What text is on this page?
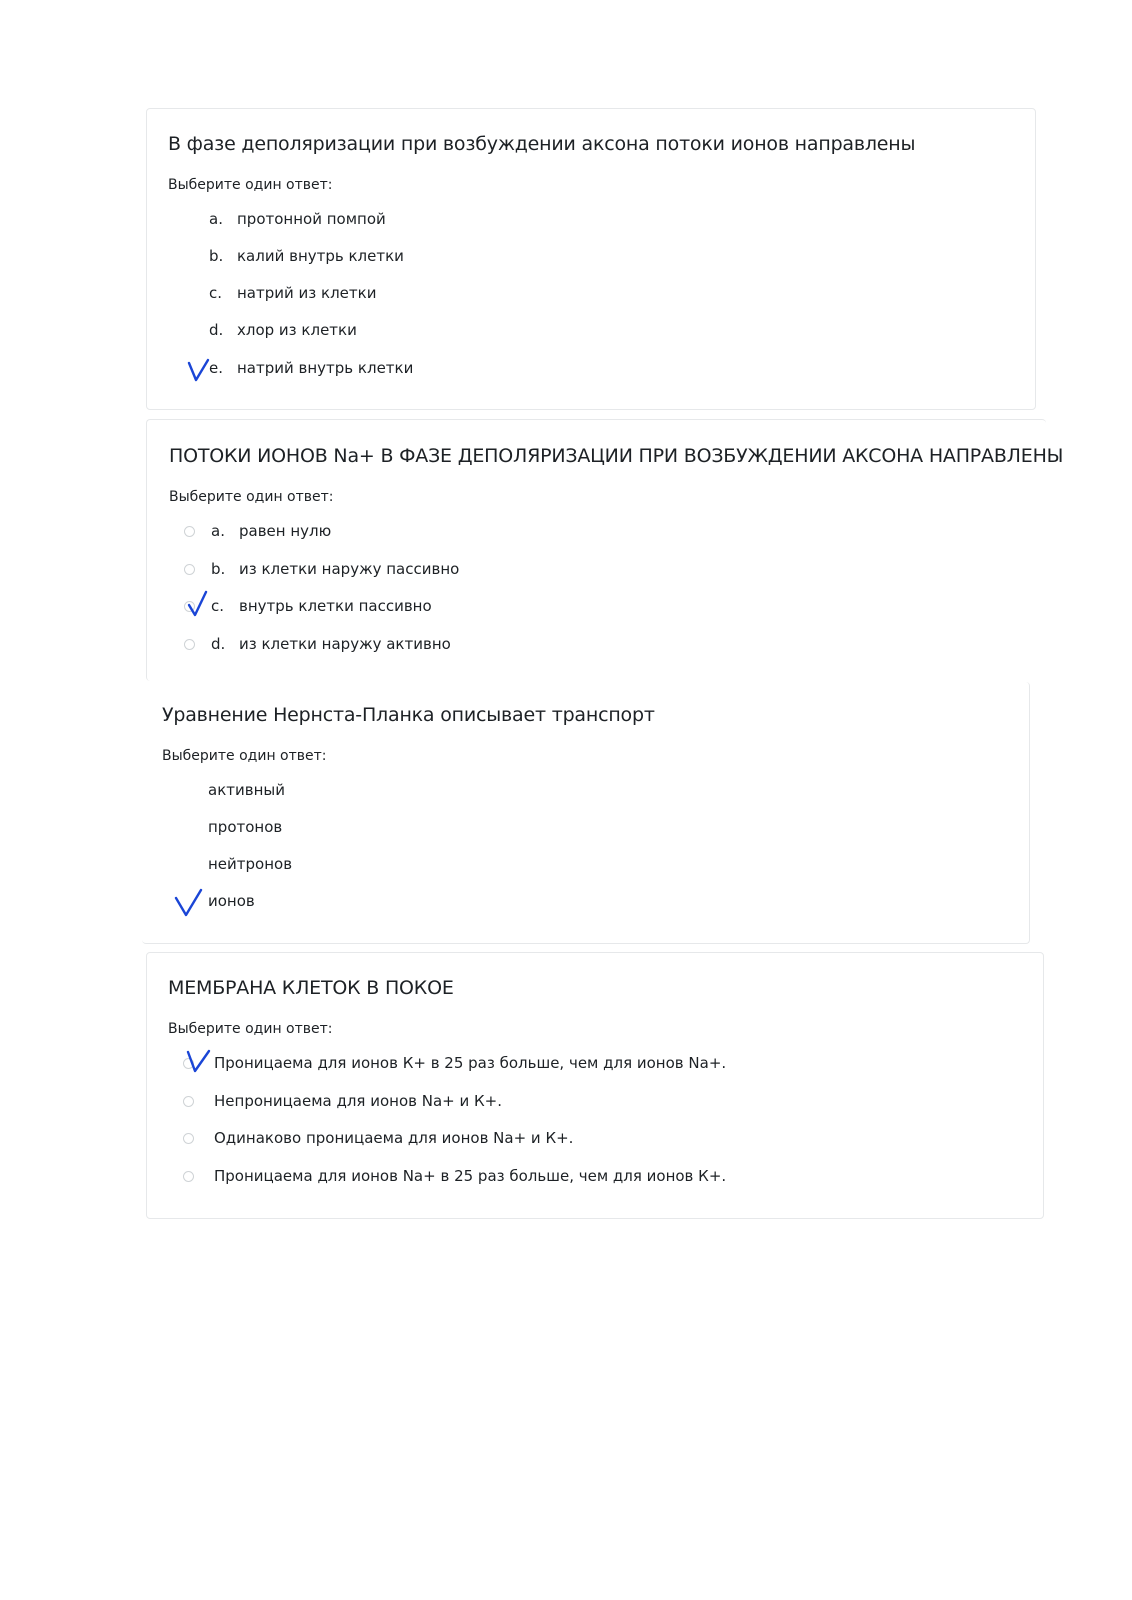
В фазе деполяризации при возбуждении аксона потоки ионов направлены
Выберите один ответ:
a. протонной помпой
b. калий внутрь клетки
c. натрий из клетки
d. хлор из клетки
e. натрий внутрь клетки
ПОТОКИ ИОНОВ Na+ В ФАЗЕ ДЕПОЛЯРИЗАЦИИ ПРИ ВОЗБУЖДЕНИИ АКСОНА НАПРАВЛЕНЫ
Выберите один ответ:
a. равен нулю
b. из клетки наружу пассивно
c. внутрь клетки пассивно
d. из клетки наружу активно
Уравнение Нернста-Планка описывает транспорт
Выберите один ответ:
активный
протонов
нейтронов
ионов
МЕМБРАНА КЛЕТОК В ПОКОЕ
Выберите один ответ:
Проницаема для ионов К+ в 25 раз больше, чем для ионов Na+.
Непроницаема для ионов Na+ и К+.
Одинаково проницаема для ионов Na+ и К+.
Проницаема для ионов Na+ в 25 раз больше, чем для ионов К+.
